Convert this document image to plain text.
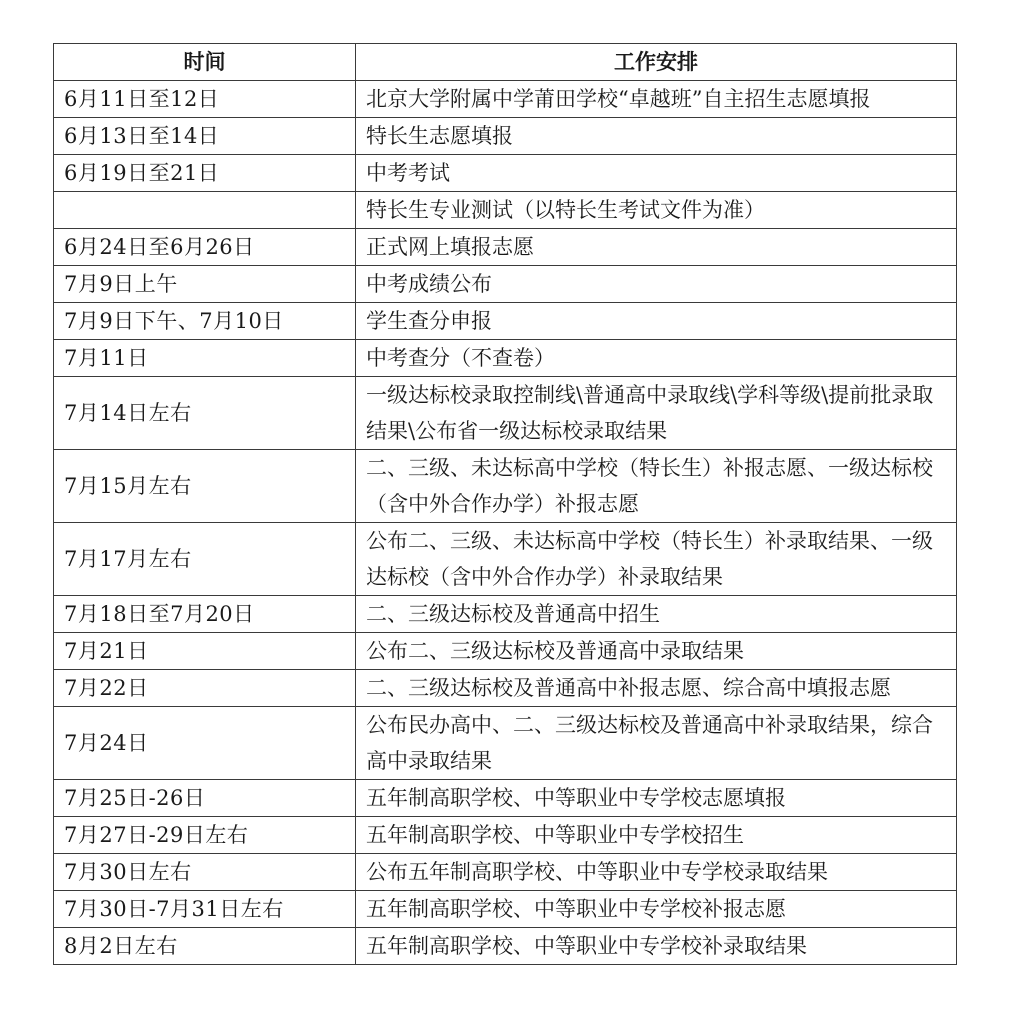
时间	工作安排
6月11日至12日	北京大学附属中学莆田学校“卓越班”自主招生志愿填报
6月13日至14日	特长生志愿填报
6月19日至21日	中考考试
	特长生专业测试（以特长生考试文件为准）
6月24日至6月26日	正式网上填报志愿
7月9日上午	中考成绩公布
7月9日下午、7月10日	学生查分申报
7月11日	中考查分（不查卷）
7月14日左右	一级达标校录取控制线\普通高中录取线\学科等级\提前批录取结果\公布省一级达标校录取结果
7月15月左右	二、三级、未达标高中学校（特长生）补报志愿、一级达标校（含中外合作办学）补报志愿
7月17月左右	公布二、三级、未达标高中学校（特长生）补录取结果、一级达标校（含中外合作办学）补录取结果
7月18日至7月20日	二、三级达标校及普通高中招生
7月21日	公布二、三级达标校及普通高中录取结果
7月22日	二、三级达标校及普通高中补报志愿、综合高中填报志愿
7月24日	公布民办高中、二、三级达标校及普通高中补录取结果，综合高中录取结果
7月25日-26日	五年制高职学校、中等职业中专学校志愿填报
7月27日-29日左右	五年制高职学校、中等职业中专学校招生
7月30日左右	公布五年制高职学校、中等职业中专学校录取结果
7月30日-7月31日左右	五年制高职学校、中等职业中专学校补报志愿
8月2日左右	五年制高职学校、中等职业中专学校补录取结果
